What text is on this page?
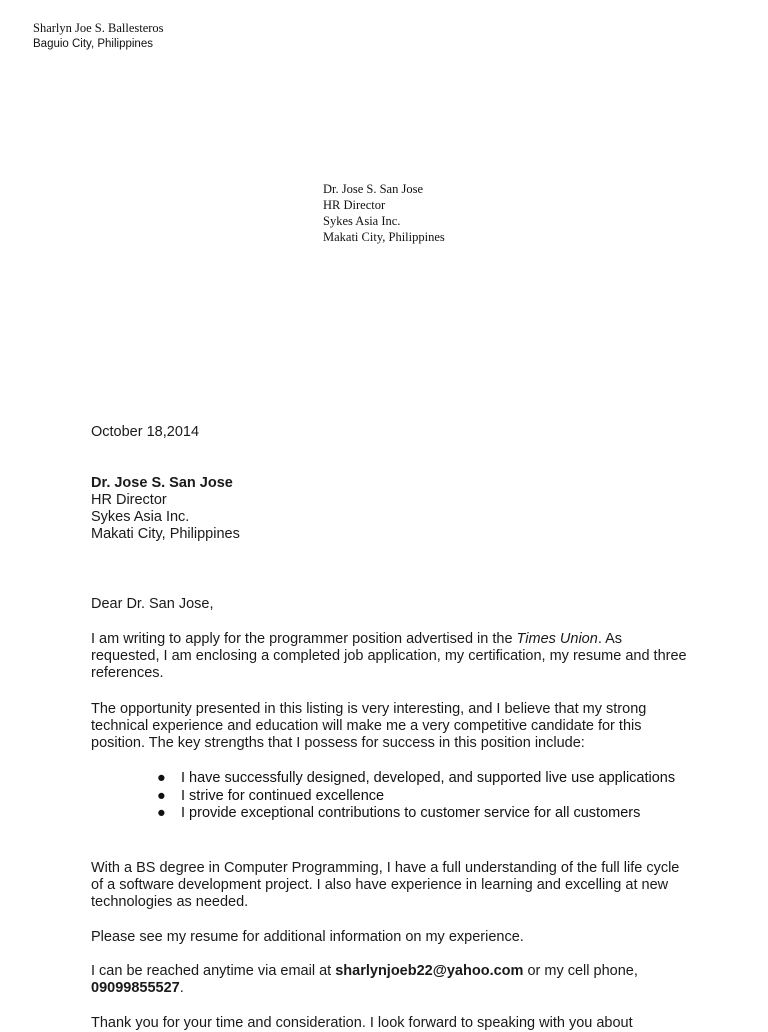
Sharlyn Joe S. Ballesteros
Baguio City, Philippines
Dr. Jose S. San Jose
HR Director
Sykes Asia Inc.
Makati City, Philippines
October 18,2014
Dr. Jose S. San Jose
HR Director
Sykes Asia Inc.
Makati City, Philippines
Dear Dr. San Jose,

I am writing to apply for the programmer position advertised in the Times Union. As requested, I am enclosing a completed job application, my certification, my resume and three references.

The opportunity presented in this listing is very interesting, and I believe that my strong technical experience and education will make me a very competitive candidate for this position. The key strengths that I possess for success in this position include:

● I have successfully designed, developed, and supported live use applications
● I strive for continued excellence
● I provide exceptional contributions to customer service for all customers

With a BS degree in Computer Programming, I have a full understanding of the full life cycle of a software development project. I also have experience in learning and excelling at new technologies as needed.

Please see my resume for additional information on my experience.

I can be reached anytime via email at sharlynjoeb22@yahoo.com or my cell phone, 09099855527.

Thank you for your time and consideration. I look forward to speaking with you about
